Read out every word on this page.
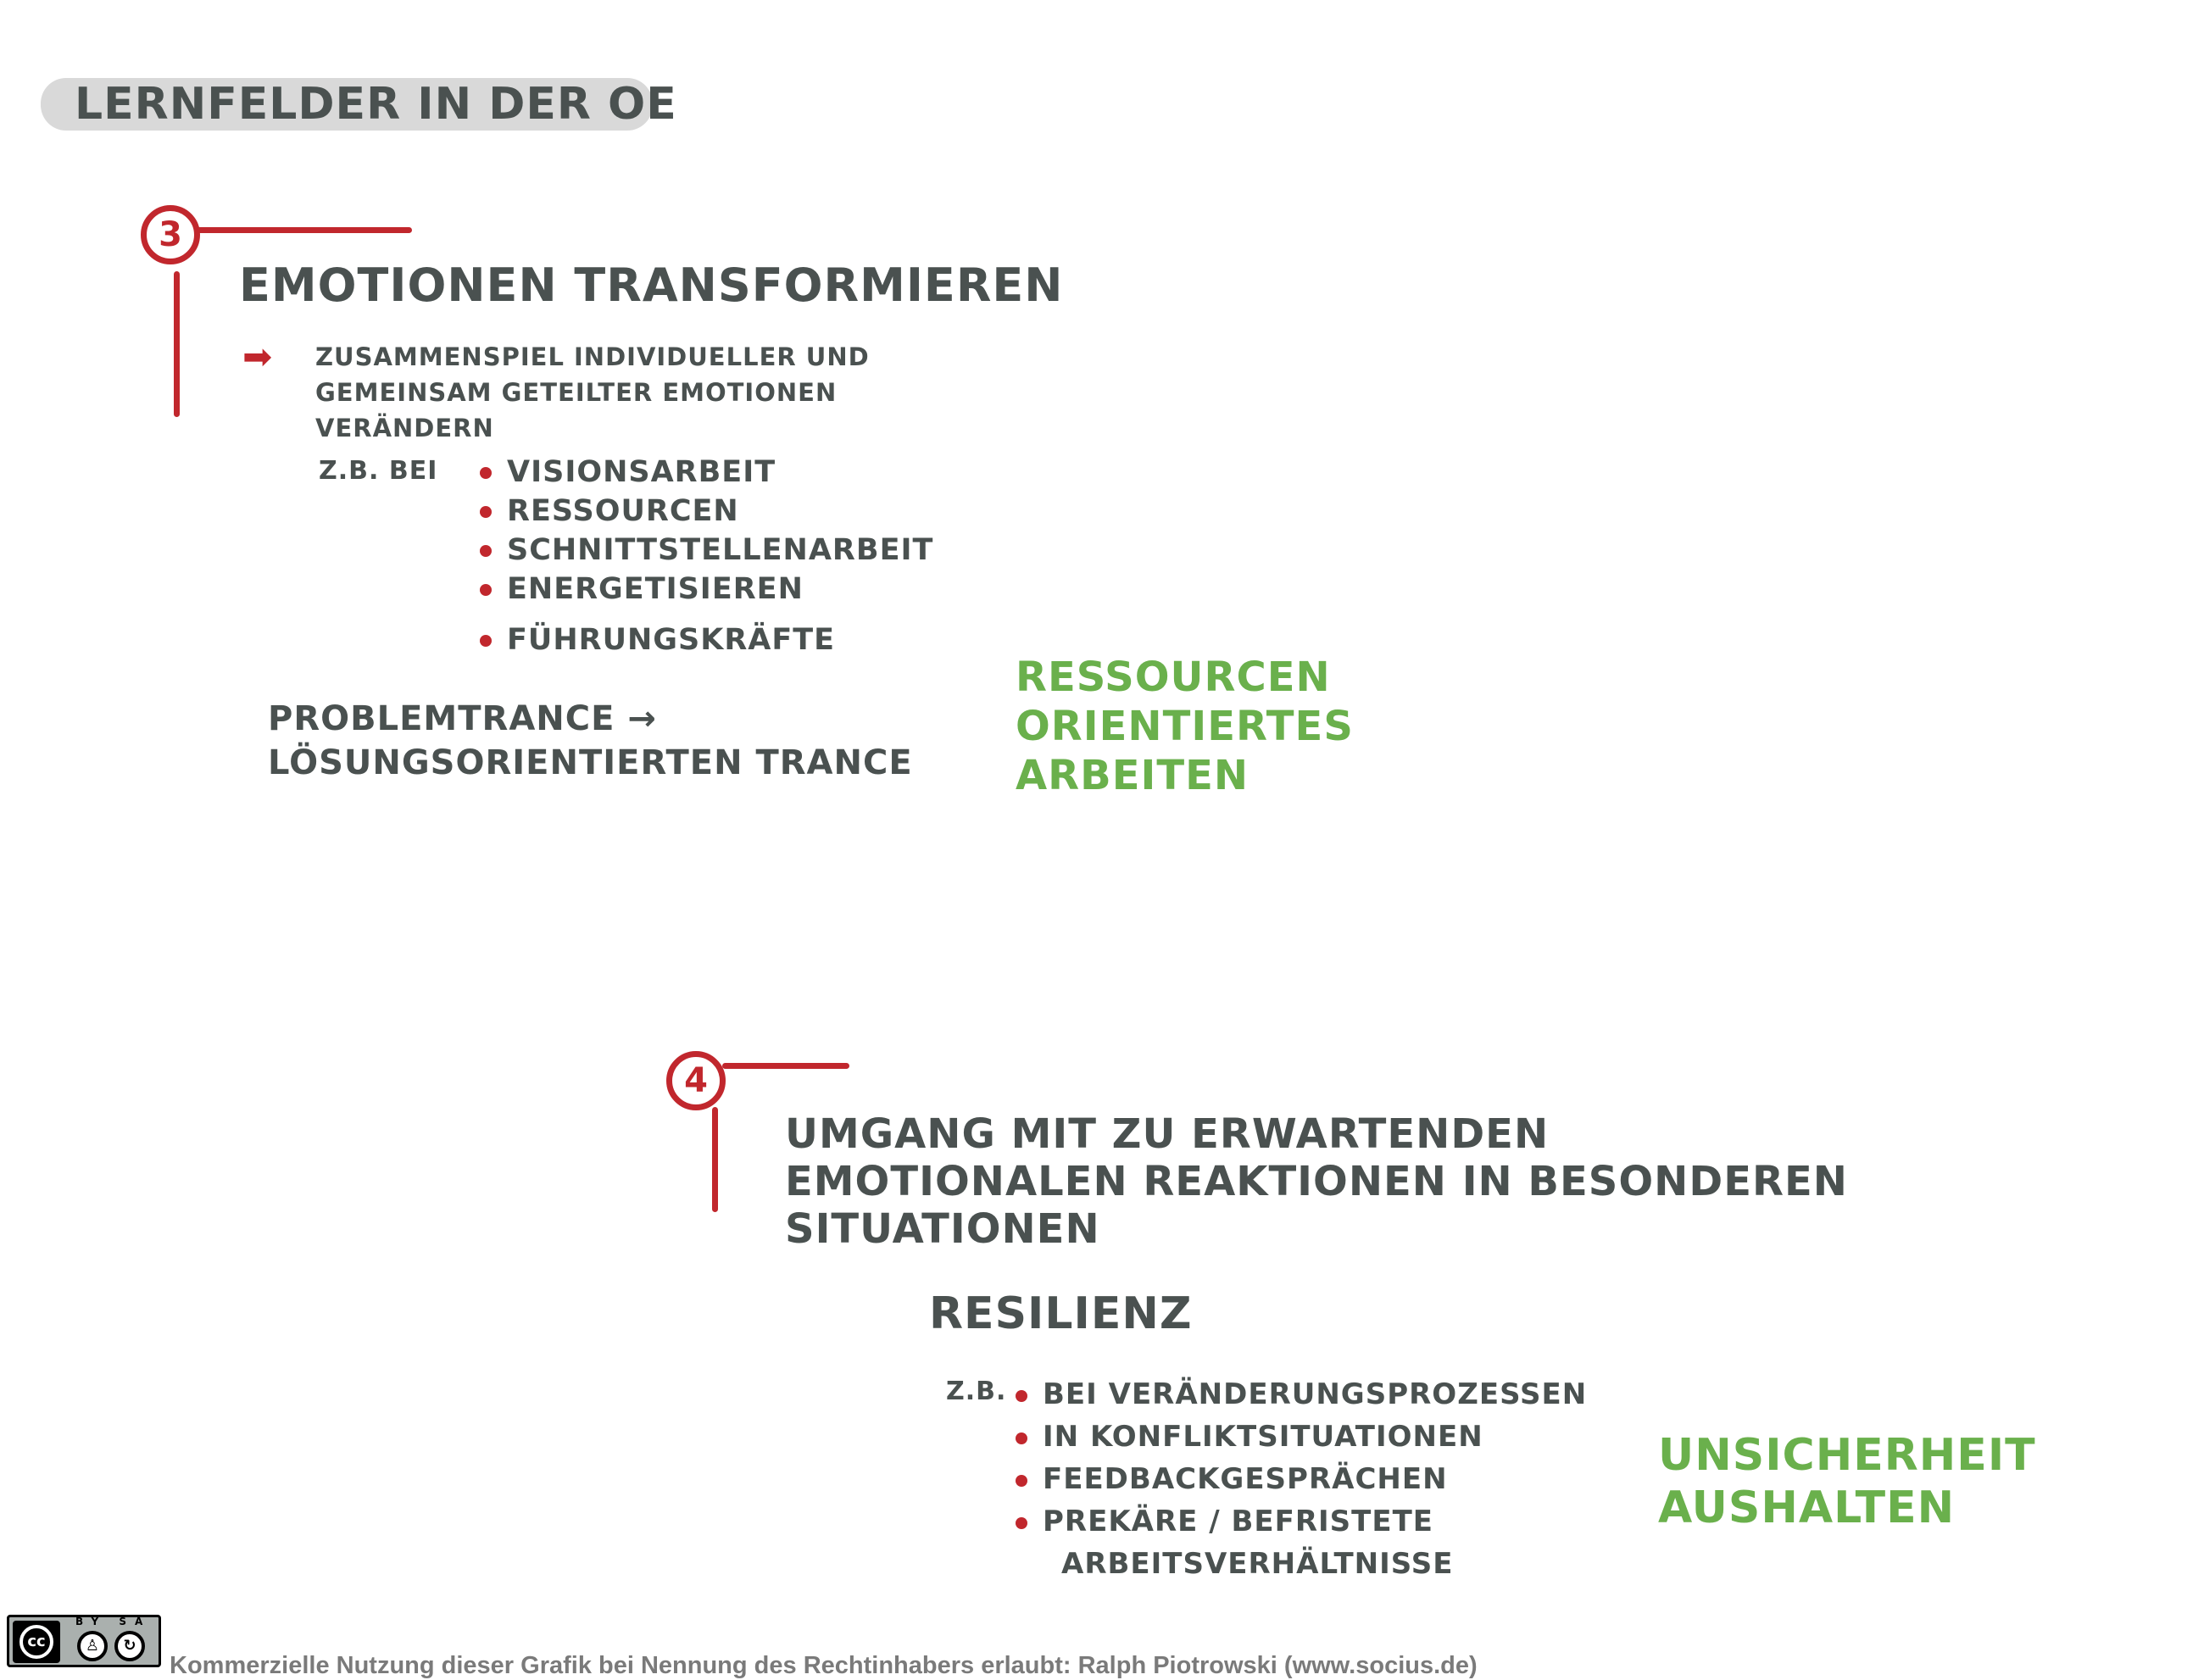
LERNFELDER IN DER OE
3
EMOTIONEN TRANSFORMIEREN
➡ ZUSAMMENSPIEL INDIVIDUELLER UND
GEMEINSAM GETEILTER EMOTIONEN
VERÄNDERN
Z.B. BEI	VISIONSARBEIT
RESSOURCEN
SCHNITTSTELLENARBEIT
ENERGETISIEREN
FÜHRUNGSKRÄFTE
PROBLEMTRANCE →
LÖSUNGSORIENTIERTEN TRANCE
RESSOURCEN
ORIENTIERTES
ARBEITEN
4
UMGANG MIT ZU ERWARTENDEN
EMOTIONALEN REAKTIONEN IN BESONDEREN
SITUATIONEN
RESILIENZ
Z.B.	BEI VERÄNDERUNGSPROZESSEN
IN KONFLIKTSITUATIONEN
FEEDBACKGESPRÄCHEN
PREKÄRE / BEFRISTETE
ARBEITSVERHÄLTNISSE
UNSICHERHEIT
AUSHALTEN
cc
BY SA
♙	↻
Kommerzielle Nutzung dieser Grafik bei Nennung des Rechtinhabers erlaubt: Ralph Piotrowski (www.socius.de)
